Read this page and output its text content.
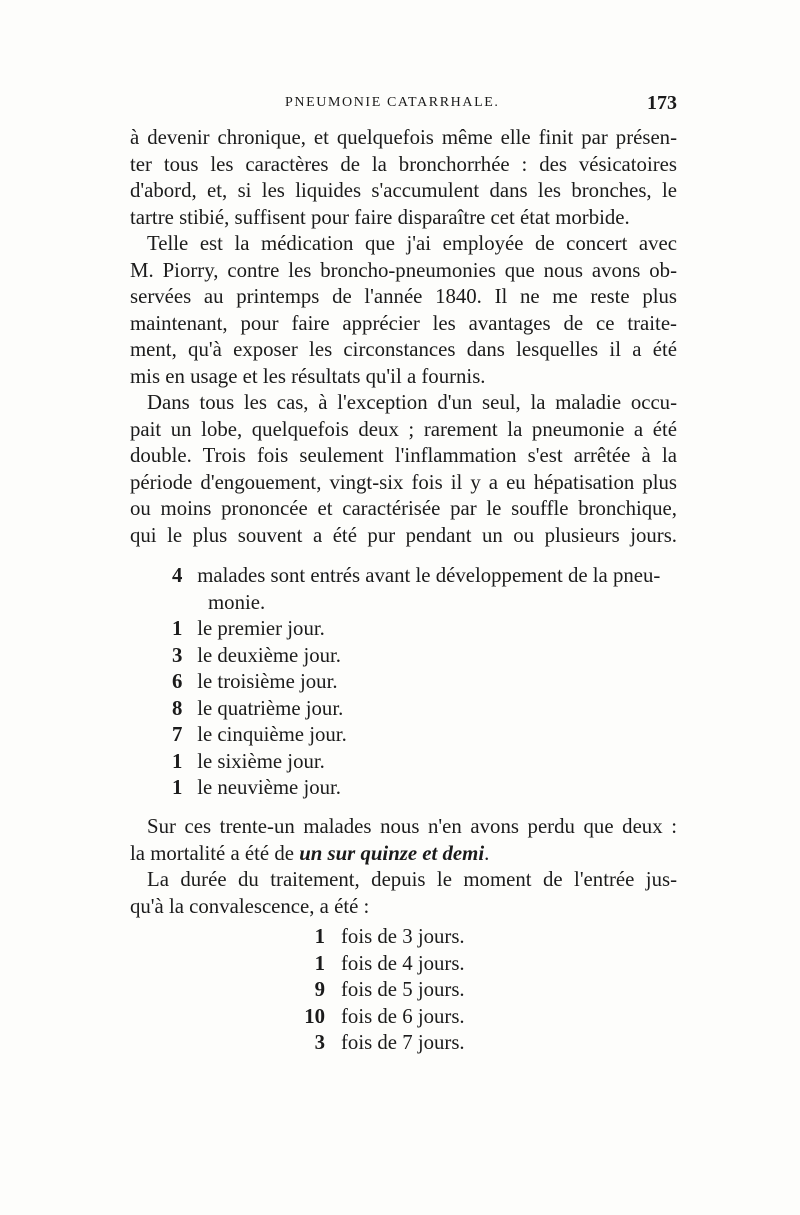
PNEUMONIE CATARRHALE.	173

à devenir chronique, et quelquefois même elle finit par présen-
ter tous les caractères de la bronchorrhée : des vésicatoires
d'abord, et, si les liquides s'accumulent dans les bronches, le
tartre stibié, suffisent pour faire disparaître cet état morbide.

Telle est la médication que j'ai employée de concert avec
M. Piorry, contre les broncho-pneumonies que nous avons ob-
servées au printemps de l'année 1840. Il ne me reste plus
maintenant, pour faire apprécier les avantages de ce traite-
ment, qu'à exposer les circonstances dans lesquelles il a été
mis en usage et les résultats qu'il a fournis.

Dans tous les cas, à l'exception d'un seul, la maladie occu-
pait un lobe, quelquefois deux ; rarement la pneumonie a été
double. Trois fois seulement l'inflammation s'est arrêtée à la
période d'engouement, vingt-six fois il y a eu hépatisation plus
ou moins prononcée et caractérisée par le souffle bronchique,
qui le plus souvent a été pur pendant un ou plusieurs jours.

4 malades sont entrés avant le développement de la pneu-
monie.
1 le premier jour.
3 le deuxième jour.
6 le troisième jour.
8 le quatrième jour.
7 le cinquième jour.
1 le sixième jour.
1 le neuvième jour.

Sur ces trente-un malades nous n'en avons perdu que deux :
la mortalité a été de un sur quinze et demi.

La durée du traitement, depuis le moment de l'entrée jus-
qu'à la convalescence, a été :

1 fois de 3 jours.
1 fois de 4 jours.
9 fois de 5 jours.
10 fois de 6 jours.
3 fois de 7 jours.
